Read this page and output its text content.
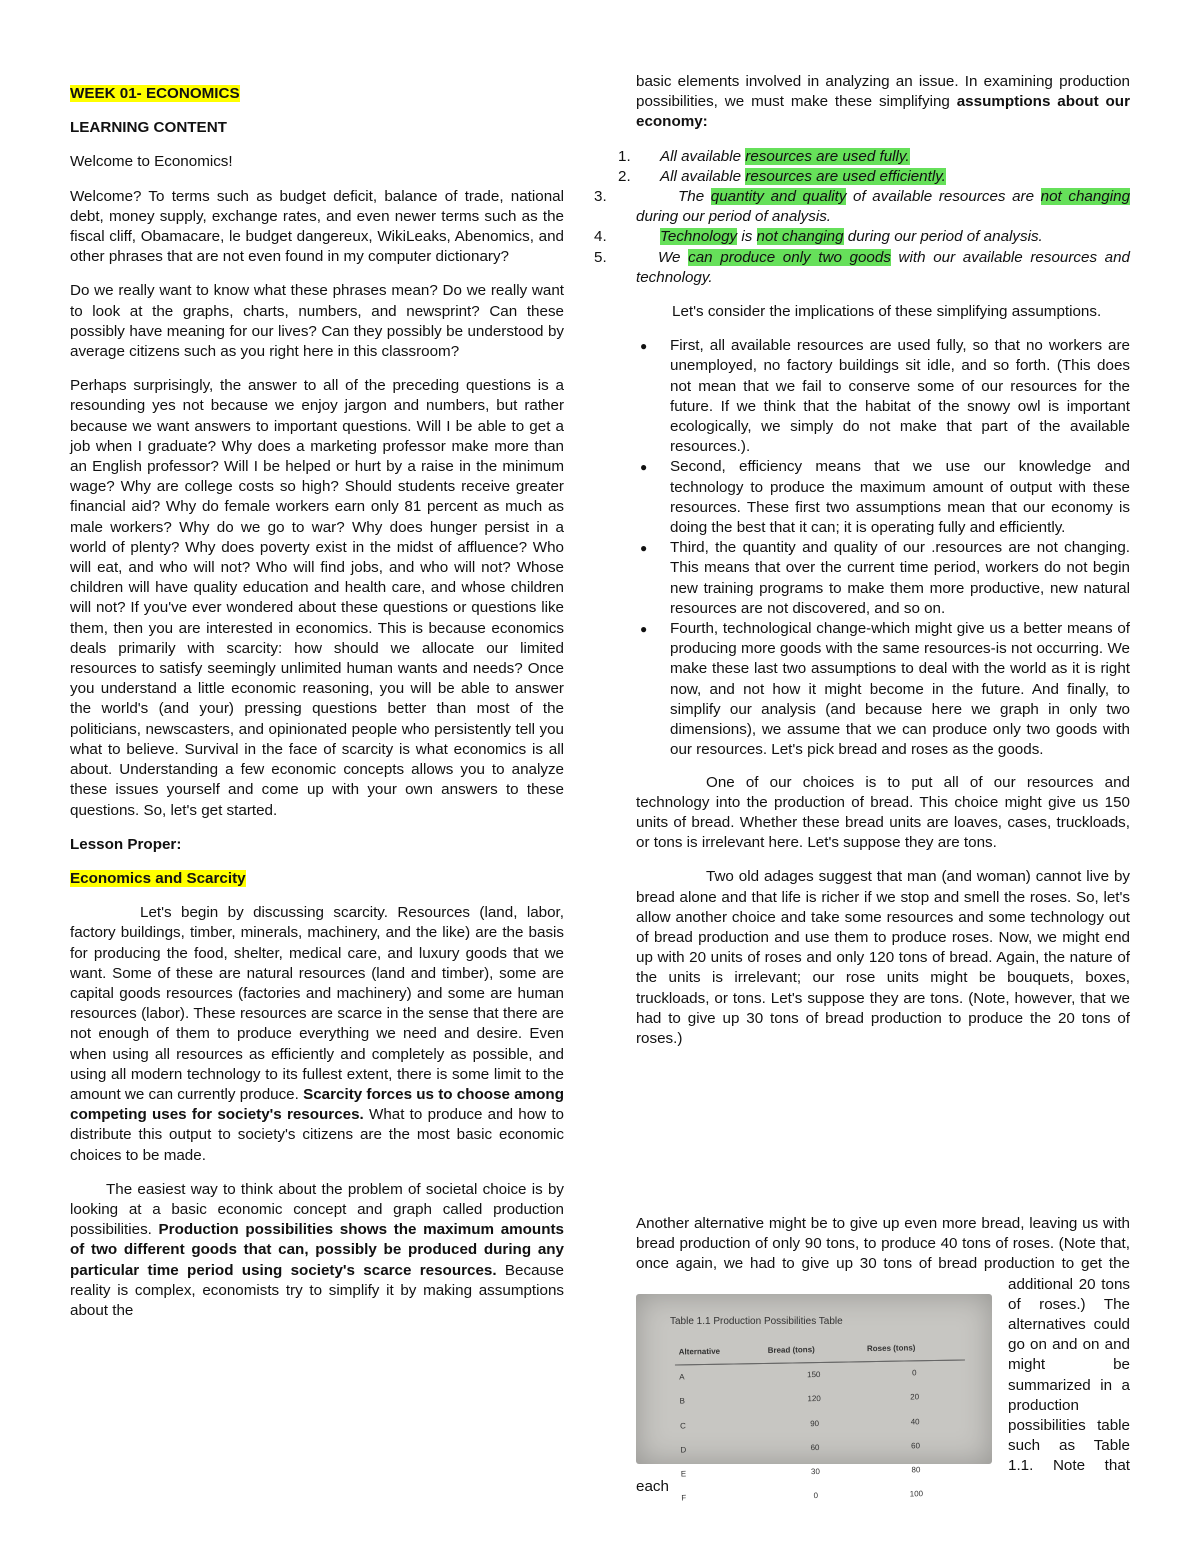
WEEK 01- ECONOMICS
LEARNING CONTENT

Welcome to Economics!

Welcome? To terms such as budget deficit, balance of trade, national debt, money supply, exchange rates, and even newer terms such as the fiscal cliff, Obamacare, le budget dangereux, WikiLeaks, Abenomics, and other phrases that are not even found in my computer dictionary?

Do we really want to know what these phrases mean? Do we really want to look at the graphs, charts, numbers, and newsprint? Can these possibly have meaning for our lives? Can they possibly be understood by average citizens such as you right here in this classroom?

Perhaps surprisingly, the answer to all of the preceding questions is a resounding yes not because we enjoy jargon and numbers, but rather because we want answers to important questions. Will I be able to get a job when I graduate? Why does a marketing professor make more than an English professor? Will I be helped or hurt by a raise in the minimum wage? Why are college costs so high? Should students receive greater financial aid? Why do female workers earn only 81 percent as much as male workers? Why do we go to war? Why does hunger persist in a world of plenty? Why does poverty exist in the midst of affluence? Who will eat, and who will not? Who will find jobs, and who will not? Whose children will have quality education and health care, and whose children will not? If you've ever wondered about these questions or questions like them, then you are interested in economics. This is because economics deals primarily with scarcity: how should we allocate our limited resources to satisfy seemingly unlimited human wants and needs? Once you understand a little economic reasoning, you will be able to answer the world's (and your) pressing questions better than most of the politicians, newscasters, and opinionated people who persistently tell you what to believe. Survival in the face of scarcity is what economics is all about. Understanding a few economic concepts allows you to analyze these issues yourself and come up with your own answers to these questions. So, let's get started.

Lesson Proper:
Economics and Scarcity

Let's begin by discussing scarcity. Resources (land, labor, factory buildings, timber, minerals, machinery, and the like) are the basis for producing the food, shelter, medical care, and luxury goods that we want. Some of these are natural resources (land and timber), some are capital goods resources (factories and machinery) and some are human resources (labor). These resources are scarce in the sense that there are not enough of them to produce everything we need and desire. Even when using all resources as efficiently and completely as possible, and using all modern technology to its fullest extent, there is some limit to the amount we can currently produce. Scarcity forces us to choose among competing uses for society's resources. What to produce and how to distribute this output to society's citizens are the most basic economic choices to be made.

The easiest way to think about the problem of societal choice is by looking at a basic economic concept and graph called production possibilities. Production possibilities shows the maximum amounts of two different goods that can, possibly be produced during any particular time period using society's scarce resources. Because reality is complex, economists try to simplify it by making assumptions about the

basic elements involved in analyzing an issue. In examining production possibilities, we must make these simplifying assumptions about our economy:

1. All available resources are used fully.
2. All available resources are used efficiently.
3.	The quantity and quality of available resources are not changing during our period of analysis.
4.	Technology is not changing during our period of analysis.
5.	We can produce only two goods with our available resources and technology.

Let's consider the implications of these simplifying assumptions.

● First, all available resources are used fully, so that no workers are unemployed, no factory buildings sit idle, and so forth. (This does not mean that we fail to conserve some of our resources for the future. If we think that the habitat of the snowy owl is important ecologically, we simply do not make that part of the available resources.).
● Second, efficiency means that we use our knowledge and technology to produce the maximum amount of output with these resources. These first two assumptions mean that our economy is doing the best that it can; it is operating fully and efficiently.
● Third, the quantity and quality of our .resources are not changing. This means that over the current time period, workers do not begin new training programs to make them more productive, new natural resources are not discovered, and so on.
● Fourth, technological change-which might give us a better means of producing more goods with the same resources-is not occurring. We make these last two assumptions to deal with the world as it is right now, and not how it might become in the future. And finally, to simplify our analysis (and because here we graph in only two dimensions), we assume that we can produce only two goods with our resources. Let's pick bread and roses as the goods.

One of our choices is to put all of our resources and technology into the production of bread. This choice might give us 150 units of bread. Whether these bread units are loaves, cases, truckloads, or tons is irrelevant here. Let's suppose they are tons.

Two old adages suggest that man (and woman) cannot live by bread alone and that life is richer if we stop and smell the roses. So, let's allow another choice and take some resources and some technology out of bread production and use them to produce roses. Now, we might end up with 20 units of roses and only 120 tons of bread. Again, the nature of the units is irrelevant; our rose units might be bouquets, boxes, truckloads, or tons. Let's suppose they are tons. (Note, however, that we had to give up 30 tons of bread production to produce the 20 tons of roses.)

Table 1.1 Production Possibilities Table
Alternative	Bread (tons)	Roses (tons)
A	150	0
B	120	20
C	90	40
D	60	60
E	30	80
F	0	100
Another alternative might be to give up even more bread, leaving us with bread production of only 90 tons, to produce 40 tons of roses. (Note that, once again, we had to give up 30 tons of bread production to get the additional 20 tons of roses.) The alternatives could go on and on and might be summarized in a production possibilities table such as Table 1.1. Note that each
